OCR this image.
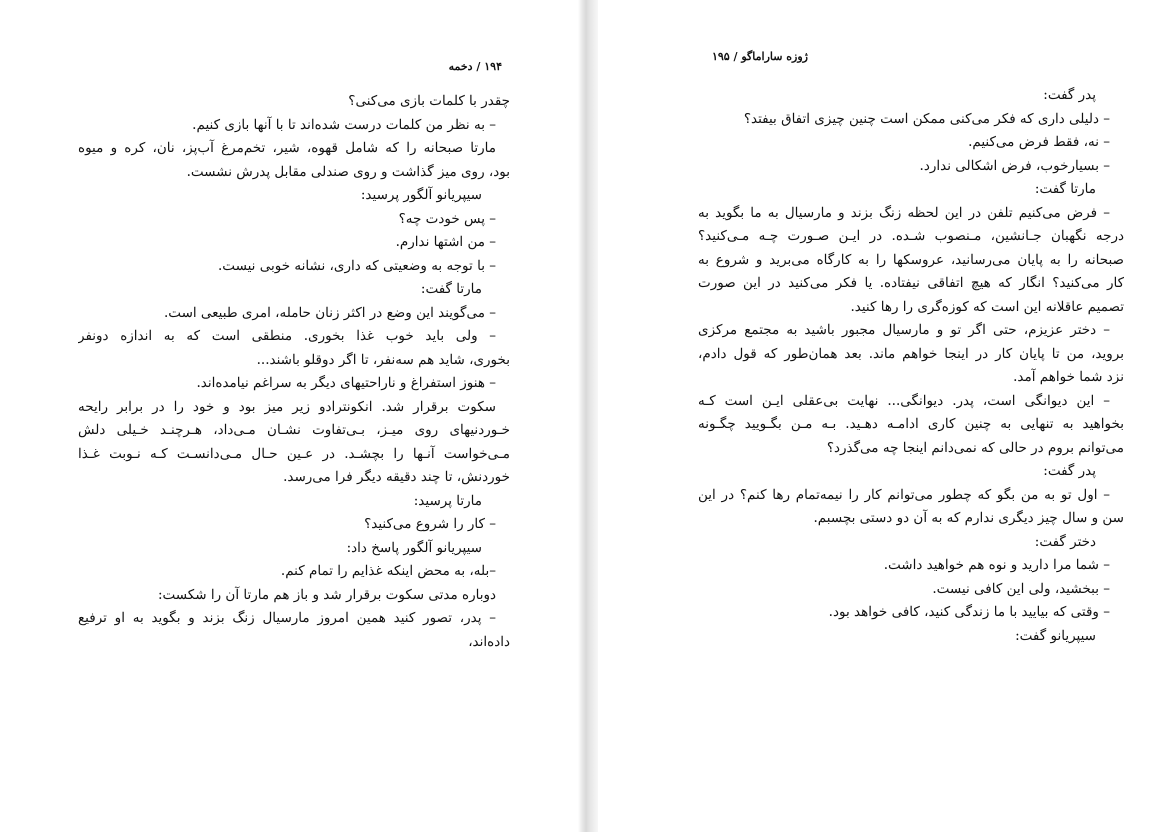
۱۹۴ / دخمه
چقدر با کلمات بازی می‌کنی؟
– به نظر من کلمات درست شده‌اند تا با آنها بازی کنیم.
مارتا صبحانه را که شامل قهوه، شیر، تخم‌مرغ آب‌پز، نان، کره و میوه
بود، روی میز گذاشت و روی صندلی مقابل پدرش نشست.
سیپریانو آلگور پرسید:
– پس خودت چه؟
– من اشتها ندارم.
– با توجه به وضعیتی که داری، نشانه خوبی نیست.
مارتا گفت:
– می‌گویند این وضع در اکثر زنان حامله، امری طبیعی است.
– ولی باید خوب غذا بخوری. منطقی است که به اندازه دونفر
بخوری، شاید هم سه‌نفر، تا اگر دوقلو باشند...
– هنوز استفراغ و ناراحتیهای دیگر به سراغم نیامده‌اند.
سکوت برقرار شد. انکونترادو زیر میز بود و خود را در برابر رایحه
خـوردنیهای روی میـز، بـی‌تفاوت نشـان مـی‌داد، هـرچنـد خـیلی دلش
مـی‌خواست آنـها را بچشـد. در عـین حـال مـی‌دانسـت کـه نـوبت غـذا
خوردنش، تا چند دقیقه دیگر فرا می‌رسد.
مارتا پرسید:
– کار را شروع می‌کنید؟
سیپریانو آلگور پاسخ داد:
–بله، به محض اینکه غذایم را تمام کنم.
دوباره مدتی سکوت برقرار شد و باز هم مارتا آن را شکست:
– پدر، تصور کنید همین امروز مارسیال زنگ بزند و بگوید به او ترفیع
داده‌اند،
ژوزه ساراماگو / ۱۹۵
پدر گفت:
– دلیلی داری که فکر می‌کنی ممکن است چنین چیزی اتفاق بیفتد؟
– نه، فقط فرض می‌کنیم.
– بسیارخوب، فرض اشکالی ندارد.
مارتا گفت:
– فرض می‌کنیم تلفن در این لحظه زنگ بزند و مارسیال به ما بگوید به
درجه نگهبان جـانشین، مـنصوب شـده. در ایـن صـورت چـه مـی‌کنید؟
صبحانه را به پایان می‌رسانید، عروسکها را به کارگاه می‌برید و شروع به
کار می‌کنید؟ انگار که هیچ اتفاقی نیفتاده. یا فکر می‌کنید در این صورت
تصمیم عاقلانه این است که کوزه‌گری را رها کنید.
– دختر عزیزم، حتی اگر تو و مارسیال مجبور باشید به مجتمع مرکزی
بروید، من تا پایان کار در اینجا خواهم ماند. بعد همان‌طور که قول دادم،
نزد شما خواهم آمد.
– این دیوانگی است، پدر. دیوانگی... نهایت بی‌عقلی ایـن است کـه
بخواهید به تنهایی به چنین کاری ادامـه دهـید. بـه مـن بگـویید چگـونه
می‌توانم بروم در حالی که نمی‌دانم اینجا چه می‌گذرد؟
پدر گفت:
– اول تو به من بگو که چطور می‌توانم کار را نیمه‌تمام رها کنم؟ در این
سن و سال چیز دیگری ندارم که به آن دو دستی بچسبم.
دختر گفت:
– شما مرا دارید و نوه هم خواهید داشت.
– ببخشید، ولی این کافی نیست.
– وقتی که بیایید با ما زندگی کنید، کافی خواهد بود.
سیپریانو گفت:
